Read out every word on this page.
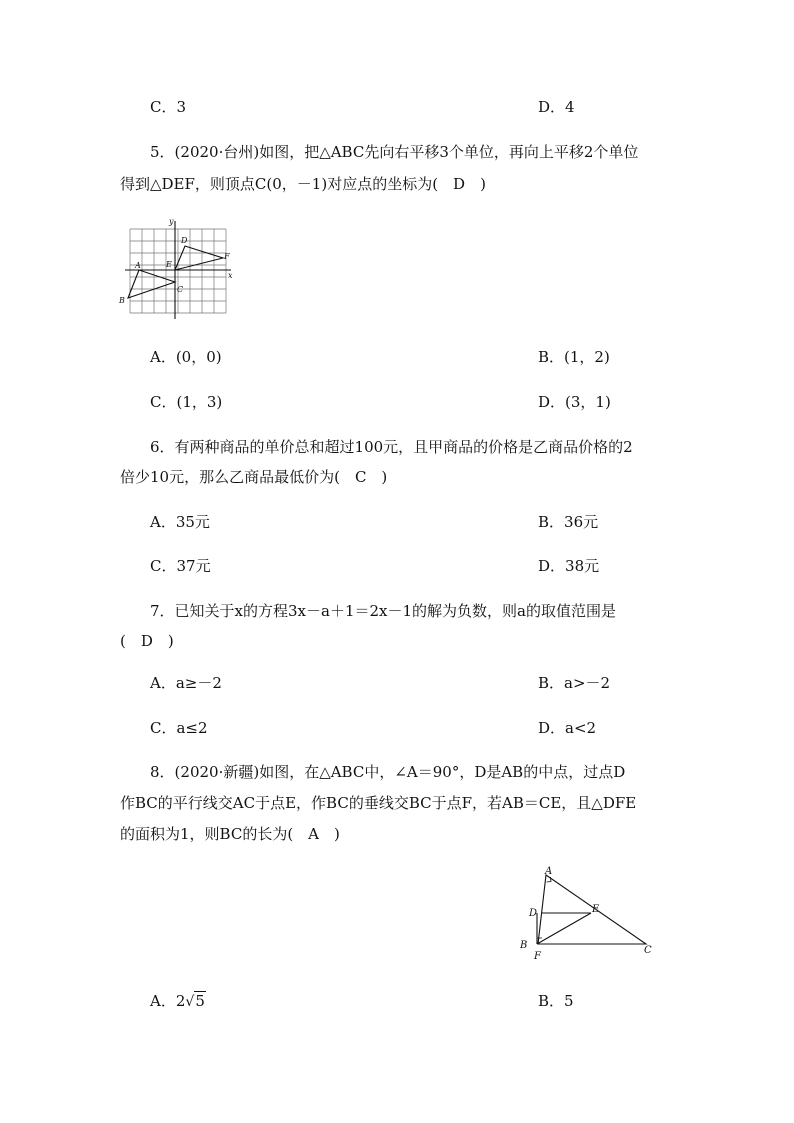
C．3	D．4
5．(2020·台州)如图，把△ABC先向右平移3个单位，再向上平移2个单位
得到△DEF，则顶点C(0，－1)对应点的坐标为(　D　)
y
x
A
B
C
D
E
F
A．(0，0)	B．(1，2)
C．(1，3)	D．(3，1)
6．有两种商品的单价总和超过100元，且甲商品的价格是乙商品价格的2
倍少10元，那么乙商品最低价为(　C　)
A．35元	B．36元
C．37元	D．38元
7．已知关于x的方程3x－a＋1＝2x－1的解为负数，则a的取值范围是
(　D　)
A．a≥－2	B．a>－2
C．a≤2	D．a<2
8．(2020·新疆)如图，在△ABC中，∠A＝90°，D是AB的中点，过点D
作BC的平行线交AC于点E，作BC的垂线交BC于点F，若AB＝CE，且△DFE
的面积为1，则BC的长为(　A　)
A
B	C
D	E
F
A．2√5	B．5
